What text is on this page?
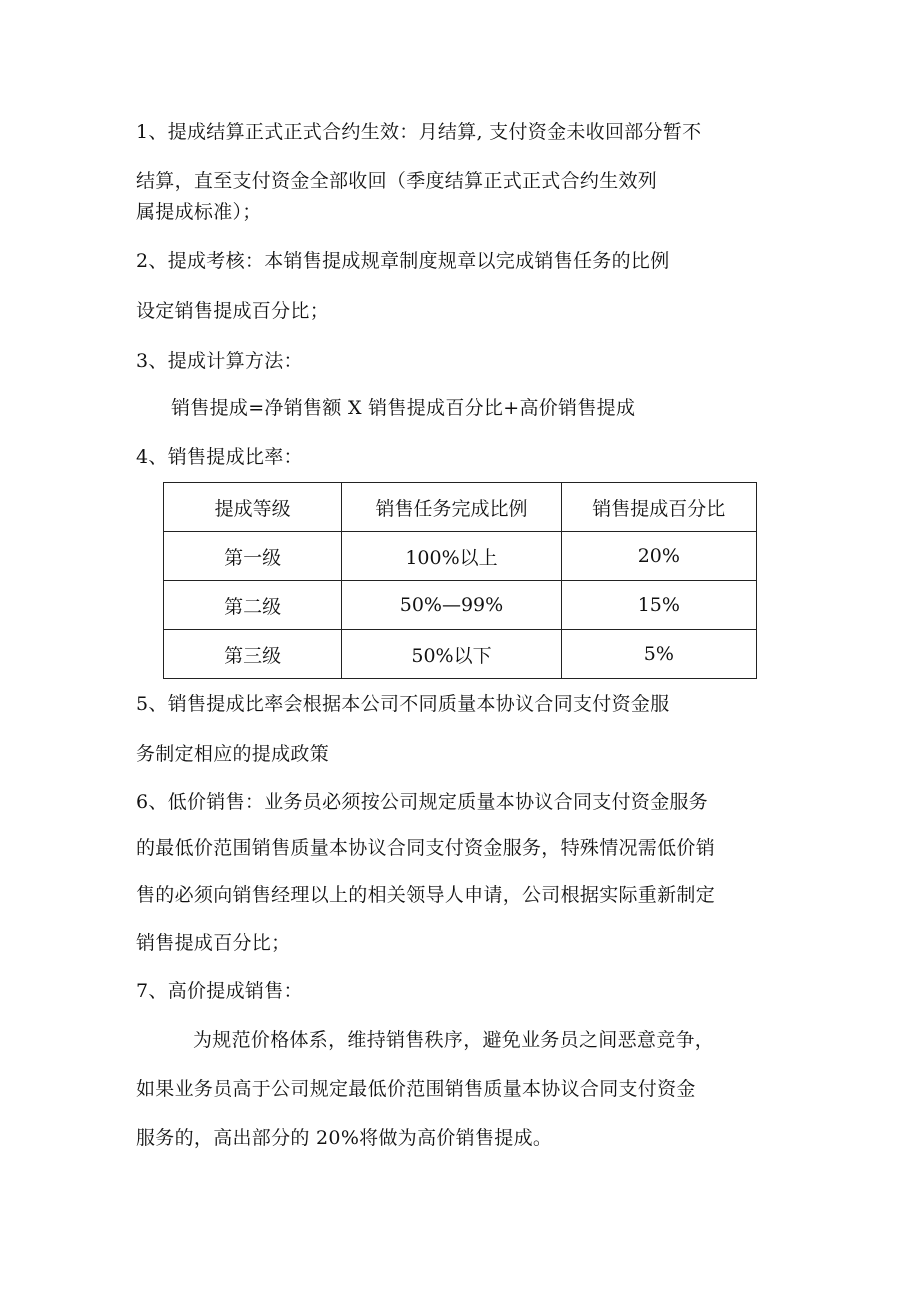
1、提成结算正式正式合约生效：月结算, 支付资金未收回部分暂不
结算，直至支付资金全部收回（季度结算正式正式合约生效列
属提成标准）；
2、提成考核：本销售提成规章制度规章以完成销售任务的比例
设定销售提成百分比；
3、提成计算方法：
销售提成=净销售额 X 销售提成百分比+高价销售提成
4、销售提成比率：
提成等级	销售任务完成比例	销售提成百分比
第一级	100%以上	20%
第二级	50%—99%	15%
第三级	50%以下	5%
5、销售提成比率会根据本公司不同质量本协议合同支付资金服
务制定相应的提成政策
6、低价销售：业务员必须按公司规定质量本协议合同支付资金服务
的最低价范围销售质量本协议合同支付资金服务，特殊情况需低价销
售的必须向销售经理以上的相关领导人申请，公司根据实际重新制定
销售提成百分比；
7、高价提成销售：
为规范价格体系，维持销售秩序，避免业务员之间恶意竞争，
如果业务员高于公司规定最低价范围销售质量本协议合同支付资金
服务的，高出部分的 20%将做为高价销售提成。
